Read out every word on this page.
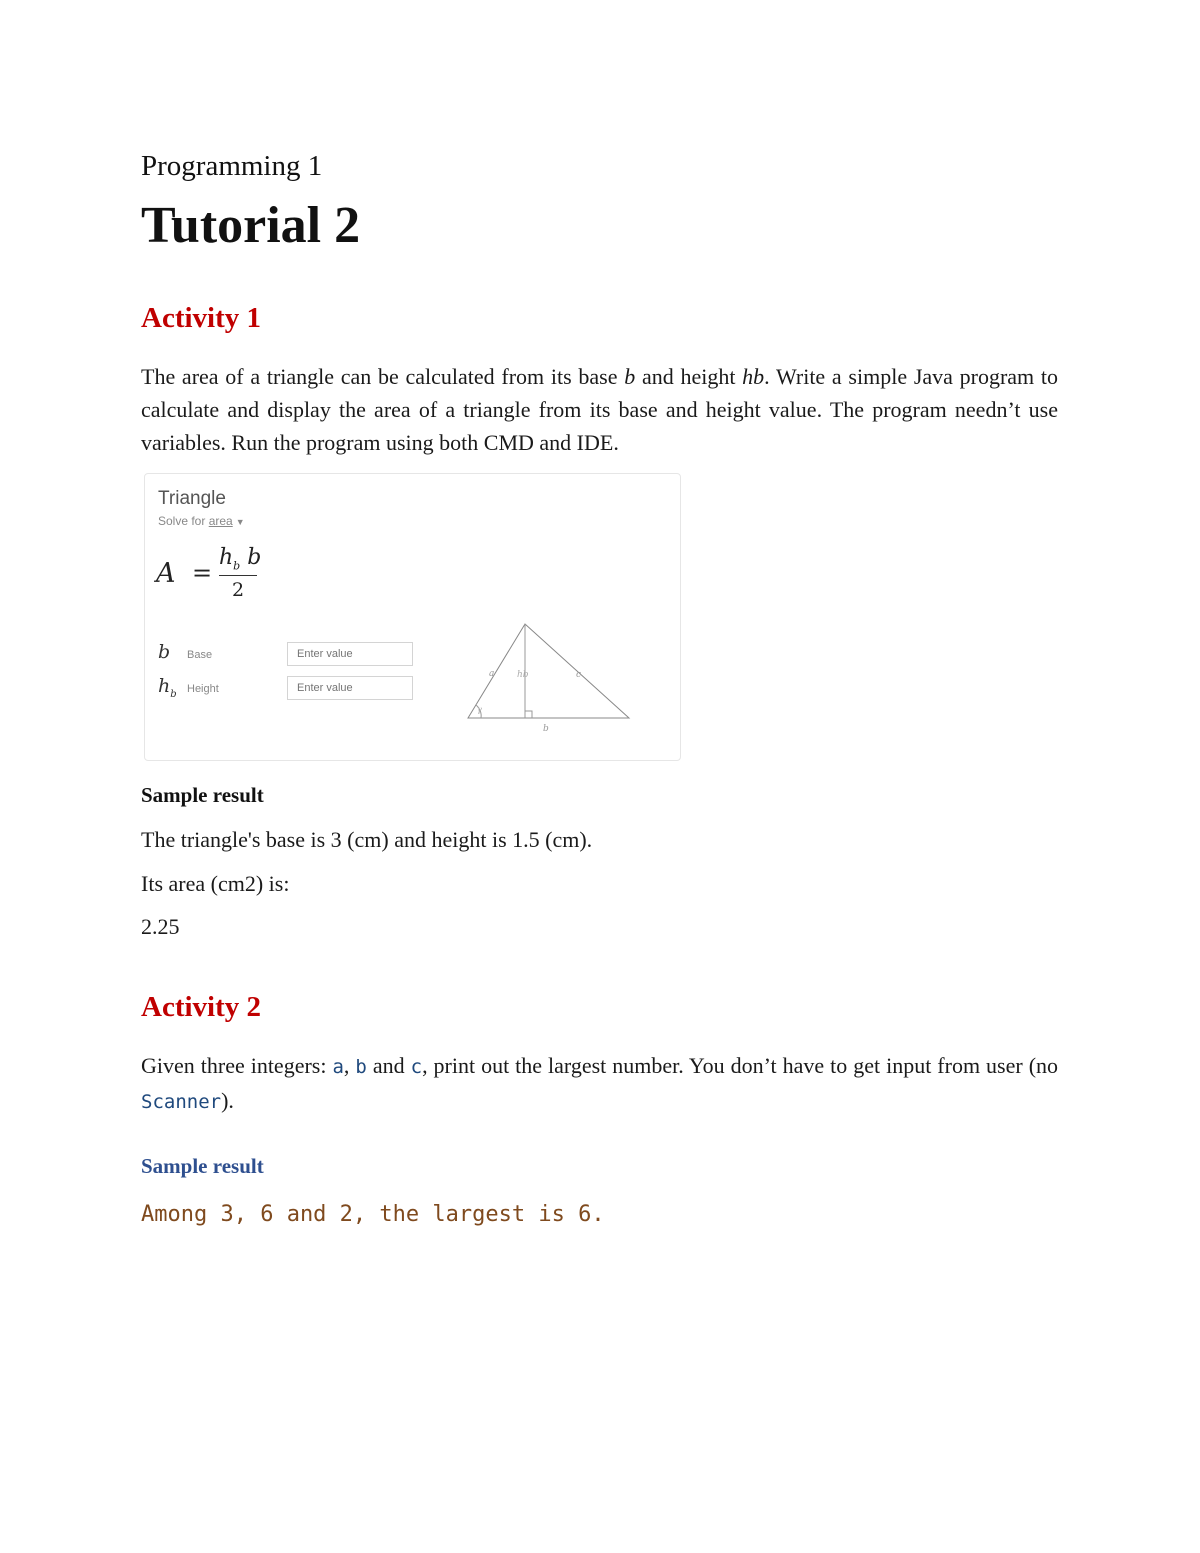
Programming 1
Tutorial 2
Activity 1
The area of a triangle can be calculated from its base b and height hb. Write a simple Java program to calculate and display the area of a triangle from its base and height value. The program needn’t use variables. Run the program using both CMD and IDE.
Triangle
Solve for area ▼
A =
$h_b$ b
2
b Base
Enter value
$h_b$ Height
Enter value
a	c
b
hb
γ
Sample result
The triangle's base is 3 (cm) and height is 1.5 (cm).
Its area (cm2) is:
2.25
Activity 2
Given three integers: a, b and c, print out the largest number. You don’t have to get input from user (no Scanner).
Sample result
Among 3, 6 and 2, the largest is 6.
